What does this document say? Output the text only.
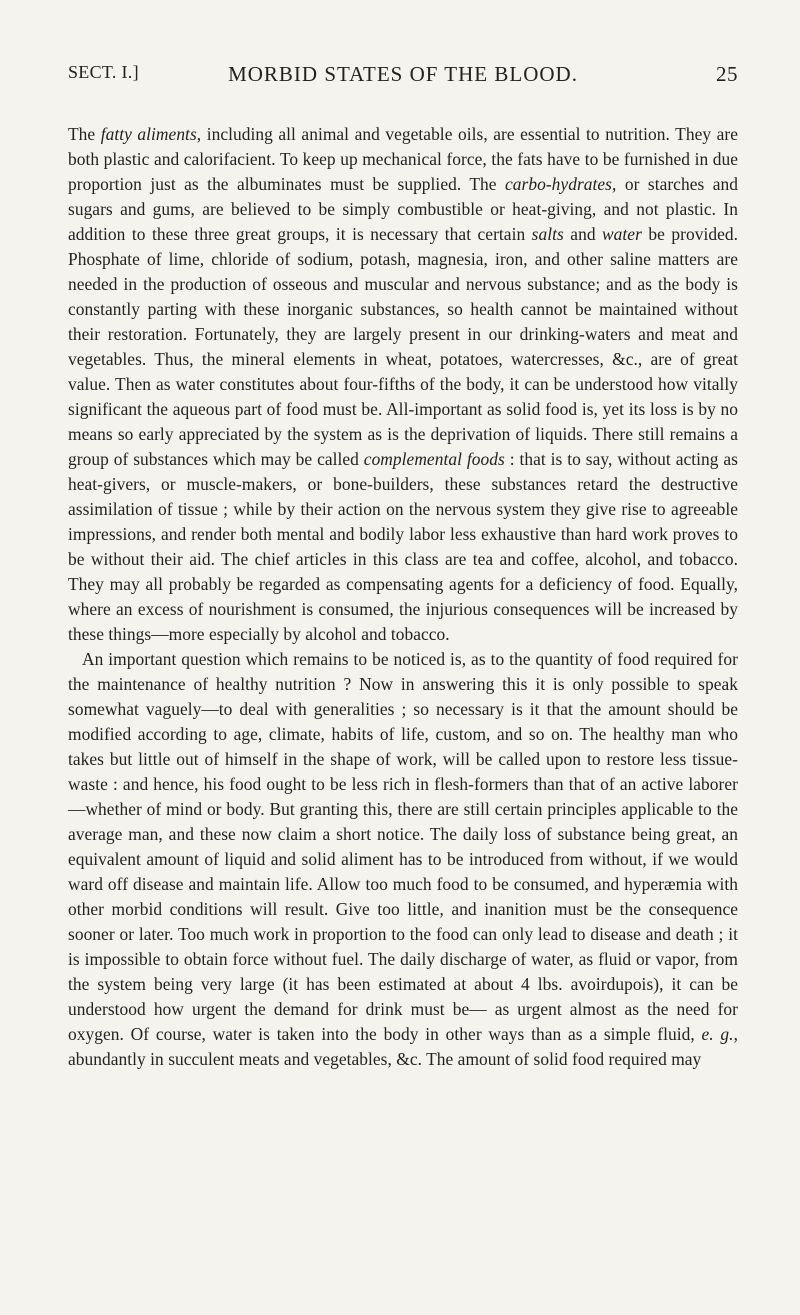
SECT. I.]	MORBID STATES OF THE BLOOD.	25

The fatty aliments, including all animal and vegetable oils, are essential to nutrition. They are both plastic and calorifacient. To keep up mechanical force, the fats have to be furnished in due proportion just as the albuminates must be supplied. The carbo-hydrates, or starches and sugars and gums, are believed to be simply combustible or heat-giving, and not plastic. In addition to these three great groups, it is necessary that certain salts and water be provided. Phosphate of lime, chloride of sodium, potash, magnesia, iron, and other saline matters are needed in the production of osseous and muscular and nervous substance; and as the body is constantly parting with these inorganic substances, so health cannot be maintained without their restoration. Fortunately, they are largely present in our drinking-waters and meat and vegetables. Thus, the mineral elements in wheat, potatoes, watercresses, &c., are of great value. Then as water constitutes about four-fifths of the body, it can be understood how vitally significant the aqueous part of food must be. All-important as solid food is, yet its loss is by no means so early appreciated by the system as is the deprivation of liquids. There still remains a group of substances which may be called complemental foods : that is to say, without acting as heat-givers, or muscle-makers, or bone-builders, these substances retard the destructive assimilation of tissue ; while by their action on the nervous system they give rise to agreeable impressions, and render both mental and bodily labor less exhaustive than hard work proves to be without their aid. The chief articles in this class are tea and coffee, alcohol, and tobacco. They may all probably be regarded as compensating agents for a deficiency of food. Equally, where an excess of nourishment is consumed, the injurious consequences will be increased by these things—more especially by alcohol and tobacco.

An important question which remains to be noticed is, as to the quantity of food required for the maintenance of healthy nutrition ? Now in answering this it is only possible to speak somewhat vaguely—to deal with generalities ; so necessary is it that the amount should be modified according to age, climate, habits of life, custom, and so on. The healthy man who takes but little out of himself in the shape of work, will be called upon to restore less tissue-waste : and hence, his food ought to be less rich in flesh-formers than that of an active laborer—whether of mind or body. But granting this, there are still certain principles applicable to the average man, and these now claim a short notice. The daily loss of substance being great, an equivalent amount of liquid and solid aliment has to be introduced from without, if we would ward off disease and maintain life. Allow too much food to be consumed, and hyperæmia with other morbid conditions will result. Give too little, and inanition must be the consequence sooner or later. Too much work in proportion to the food can only lead to disease and death ; it is impossible to obtain force without fuel. The daily discharge of water, as fluid or vapor, from the system being very large (it has been estimated at about 4 lbs. avoirdupois), it can be understood how urgent the demand for drink must be— as urgent almost as the need for oxygen. Of course, water is taken into the body in other ways than as a simple fluid, e. g., abundantly in succulent meats and vegetables, &c. The amount of solid food required may
